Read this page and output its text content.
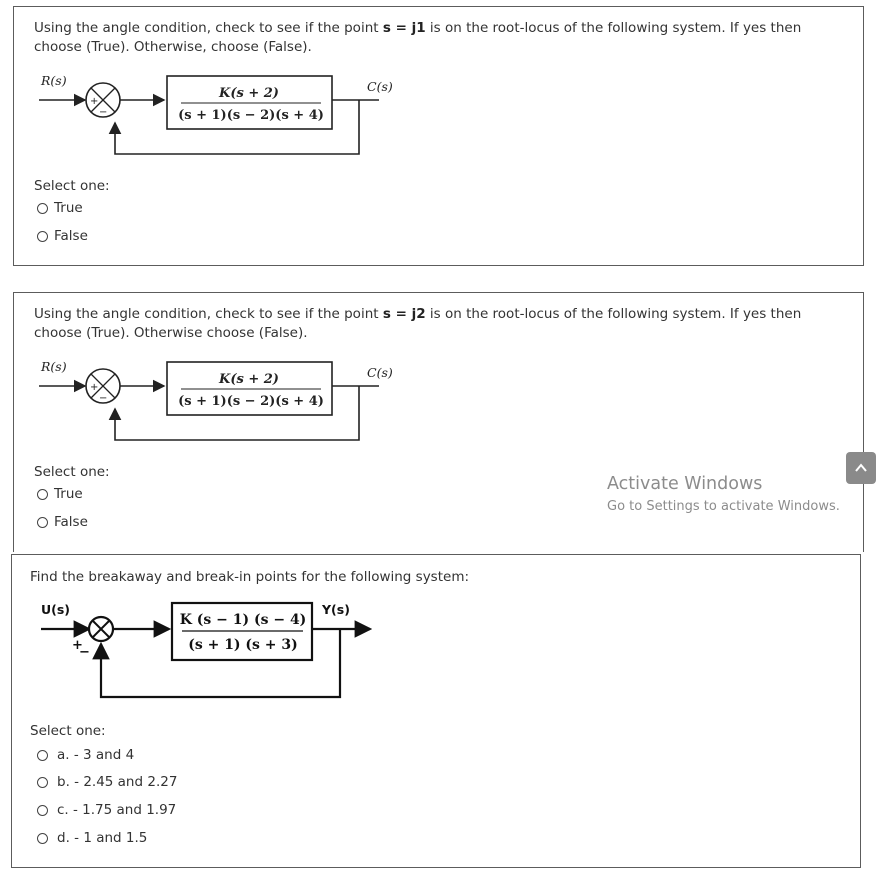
Using the angle condition, check to see if the point s = j1 is on the root-locus of the following system. If yes then choose (True). Otherwise, choose (False).
R(s)
+
−
K(s + 2)
(s + 1)(s − 2)(s + 4)
C(s)
Select one:
True
False
Using the angle condition, check to see if the point s = j2 is on the root-locus of the following system. If yes then choose (True). Otherwise choose (False).
R(s)
+
−
K(s + 2)
(s + 1)(s − 2)(s + 4)
C(s)
Select one:
True
False
Activate Windows
Go to Settings to activate Windows.
Find the breakaway and break-in points for the following system:
U(s)
+
−
K (s − 1) (s − 4)
(s + 1) (s + 3)
Y(s)
Select one:
a. - 3 and 4
b. - 2.45 and 2.27
c. - 1.75 and 1.97
d. - 1 and 1.5
